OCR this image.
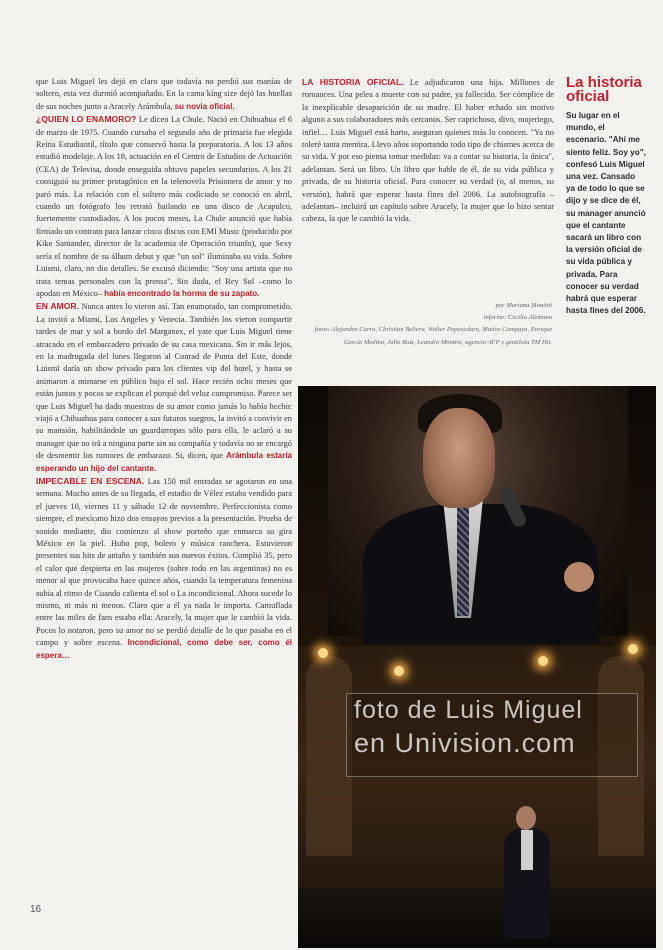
que Luis Miguel les dejó en claro que todavía no perdió sus manías de soltero, esta vez durmió acompañado. En la cama king size dejó las huellas de sus noches junto a Aracely Arámbula, su novia oficial.

¿QUIEN LO ENAMORO? Le dicen La Chule. Nació en Chihuahua el 6 de marzo de 1975. Cuando cursaba el segundo año de primaria fue elegida Reina Estudiantil, título que conservó hasta la preparatoria. A los 13 años estudió modelaje. A los 18, actuación en el Centro de Estudios de Actuación (CEA) de Televisa, donde enseguida obtuvo papeles secundarios. A los 21 consiguió su primer protagónico en la telenovela Prisionera de amor y no paró más. La relación con el soltero más codiciado se conoció en abril, cuando un fotógrafo los retrató bailando en una disco de Acapulco, fuertemente custodiados. A los pocos meses, La Chule anunció que había firmado un contrato para lanzar cinco discos con EMI Music (producido por Kike Santander, director de la academia de Operación triunfo), que Sexy sería el nombre de su álbum debut y que "un sol" iluminaba su vida. Sobre Luismi, claro, no dio detalles. Se excusó diciendo: "Soy una artista que no trata temas personales con la prensa". Sin duda, el Rey Sol –como lo apodan en México– había encontrado la horma de su zapato.

EN AMOR. Nunca antes lo vieron así. Tan enamorado, tan comprometido. La invitó a Miami, Los Angeles y Venecia. También los vieron compartir tardes de mar y sol a bordo del Marganex, el yate que Luis Miguel tiene atracado en el embarcadero privado de su casa mexicana. Sin ir más lejos, en la madrugada del lunes llegaron al Conrad de Punta del Este, donde Luismi daría un show privado para los clientes vip del hotel, y hasta se animaron a mimarse en público bajo el sol. Hace recién ocho meses que están juntos y pocos se explican el porqué del veloz compromiso. Parece ser que Luis Miguel ha dado muestras de su amor como jamás lo había hecho: viajó a Chihuahua para conocer a sus futuros suegros, la invitó a convivir en su mansión, habilitándole un guardarropas sólo para ella, le aclaró a su manager que no irá a ninguna parte sin su compañía y todavía no se encargó de desmentir los rumores de embarazo. Si, dicen, que Arámbula estaría esperando un hijo del cantante.

IMPECABLE EN ESCENA. Las 150 mil entradas se agotaron en una semana. Mucho antes de su llegada, el estadio de Vélez estaba vendido para el jueves 10, viernes 11 y sábado 12 de noviembre. Perfeccionista como siempre, el mexicano hizo dos ensayos previos a la presentación. Prueba de sonido mediante, dio comienzo al show porteño que enmarca su gira México en la piel. Hubo pop, bolero y música ranchera. Estuvieron presentes sus hits de antaño y también sus nuevos éxitos. Cumplió 35, pero el calor que despierta en las mujeres (sobre todo en las argentinas) no es menor al que provocaba hace quince años, cuando la temperatura femenina subía al ritmo de Cuando calienta el sol o La incondicional. Ahora sucede lo mismo, ni más ni menos. Claro que a él ya nada le importa. Camuflada entre las miles de fans estaba ella: Aracely, la mujer que le cambió la vida. Pocos lo notaron, pero su amor no se perdió detalle de lo que pasaba en el campo y sobre escena. Incondicional, como debe ser, como él espera…

LA HISTORIA OFICIAL. Le adjudicaron una hija. Millones de romances. Una pelea a muerte con su padre, ya fallecido. Ser cómplice de la inexplicable desaparición de su madre. El haber echado sin motivo alguno a sus colaboradores más cercanos. Ser caprichoso, divo, mujeriego, infiel… Luis Miguel está harto, aseguran quienes más lo conocen. "Ya no toleré tanta mentira. Llevo años soportando todo tipo de chismes acerca de su vida. Y por eso piensa tomar medidas: va a contar su historia, la única", adelantan. Será un libro. Un libro que hable de él, de su vida pública y privada, de su historia oficial. Para conocer su verdad (o, al menos, su versión), habrá que esperar hasta fines del 2006. La autobiografía –adelantan– incluirá un capítulo sobre Aracely, la mujer que lo hizo sentar cabeza, la que le cambió la vida.

por Mariana Montini

informe: Cecilia Alemano

fotos: Alejandro Carra, Christian Beliera, Walter Papasodaro, Matías Campaya, Enrique García Medina, Julio Ruiz, Leandro Montini, agencia AFP y gentileza TM Hit.

La historia oficial

Su lugar en el mundo, el escenario. "Ahí me siento feliz. Soy yo", confesó Luis Miguel una vez. Cansado ya de todo lo que se dijo y se dice de él, su manager anunció que el cantante sacará un libro con la versión oficial de su vida pública y privada. Para conocer su verdad habrá que esperar hasta fines del 2006.

foto de Luis Miguel
en Univision.com
16
